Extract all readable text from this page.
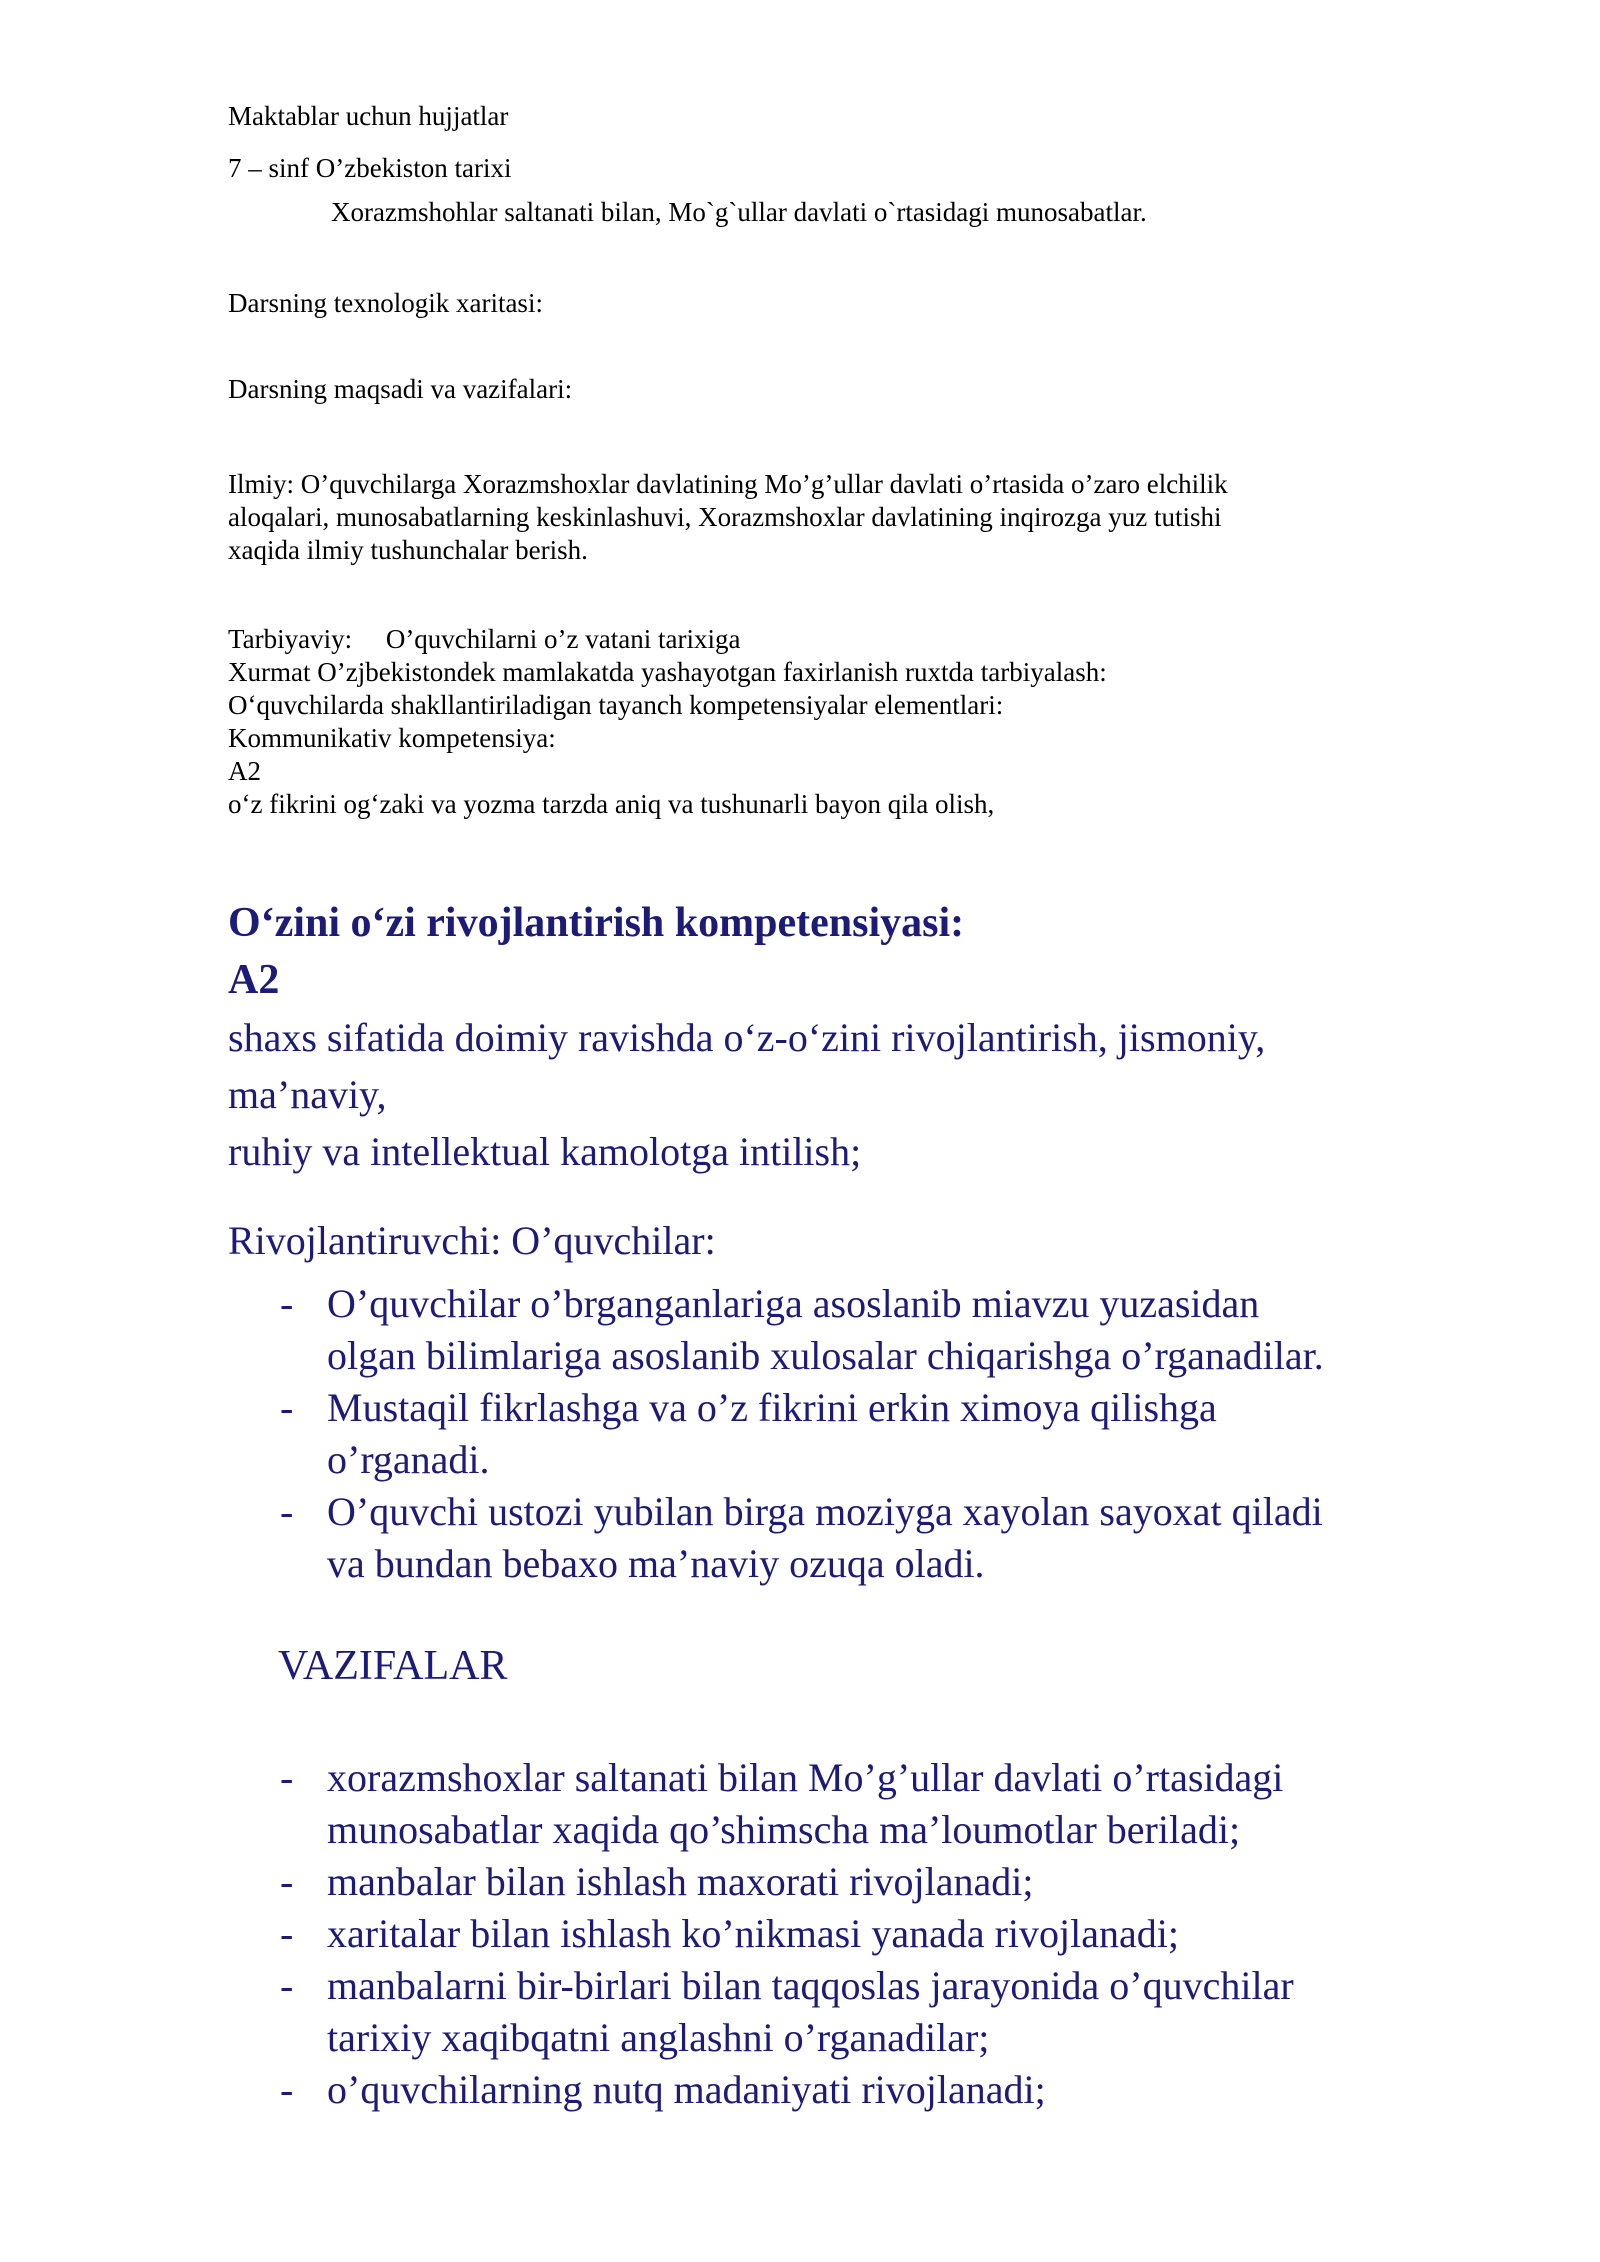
Maktablar uchun hujjatlar

7 – sinf O’zbekiston tarixi

Xorazmshohlar saltanati bilan, Mo`g`ullar davlati o`rtasidagi munosabatlar.

Darsning texnologik xaritasi:

Darsning maqsadi va vazifalari:

Ilmiy: O’quvchilarga Xorazmshoxlar davlatining Mo’g’ullar davlati o’rtasida o’zaro elchilik
aloqalari, munosabatlarning keskinlashuvi, Xorazmshoxlar davlatining inqirozga yuz tutishi
xaqida ilmiy tushunchalar berish.
Tarbiyaviy:     O’quvchilarni o’z vatani tarixiga
Xurmat O’zjbekistondek mamlakatda yashayotgan faxirlanish ruxtda tarbiyalash:
O‘quvchilarda shakllantiriladigan tayanch kompetensiyalar elementlari:
Kommunikativ kompetensiya:
A2
o‘z fikrini og‘zaki va yozma tarzda aniq va tushunarli bayon qila olish,
O‘zini o‘zi rivojlantirish kompetensiyasi:
A2
shaxs sifatida doimiy ravishda o‘z-o‘zini rivojlantirish, jismoniy,
ma’naviy,
ruhiy va intellektual kamolotga intilish;
Rivojlantiruvchi: O’quvchilar:
- O’quvchilar o’brganganlariga asoslanib miavzu yuzasidan
olgan bilimlariga asoslanib xulosalar chiqarishga o’rganadilar.
- Mustaqil fikrlashga va o’z fikrini erkin ximoya qilishga
o’rganadi.
- O’quvchi ustozi yubilan birga moziyga xayolan sayoxat qiladi
va bundan bebaxo ma’naviy ozuqa oladi.
VAZIFALAR
- xorazmshoxlar saltanati bilan Mo’g’ullar davlati o’rtasidagi
munosabatlar xaqida qo’shimscha ma’loumotlar beriladi;
- manbalar bilan ishlash maxorati rivojlanadi;
- xaritalar bilan ishlash ko’nikmasi yanada rivojlanadi;
- manbalarni bir-birlari bilan taqqoslas jarayonida o’quvchilar
tarixiy xaqibqatni anglashni o’rganadilar;
- o’quvchilarning nutq madaniyati rivojlanadi;
